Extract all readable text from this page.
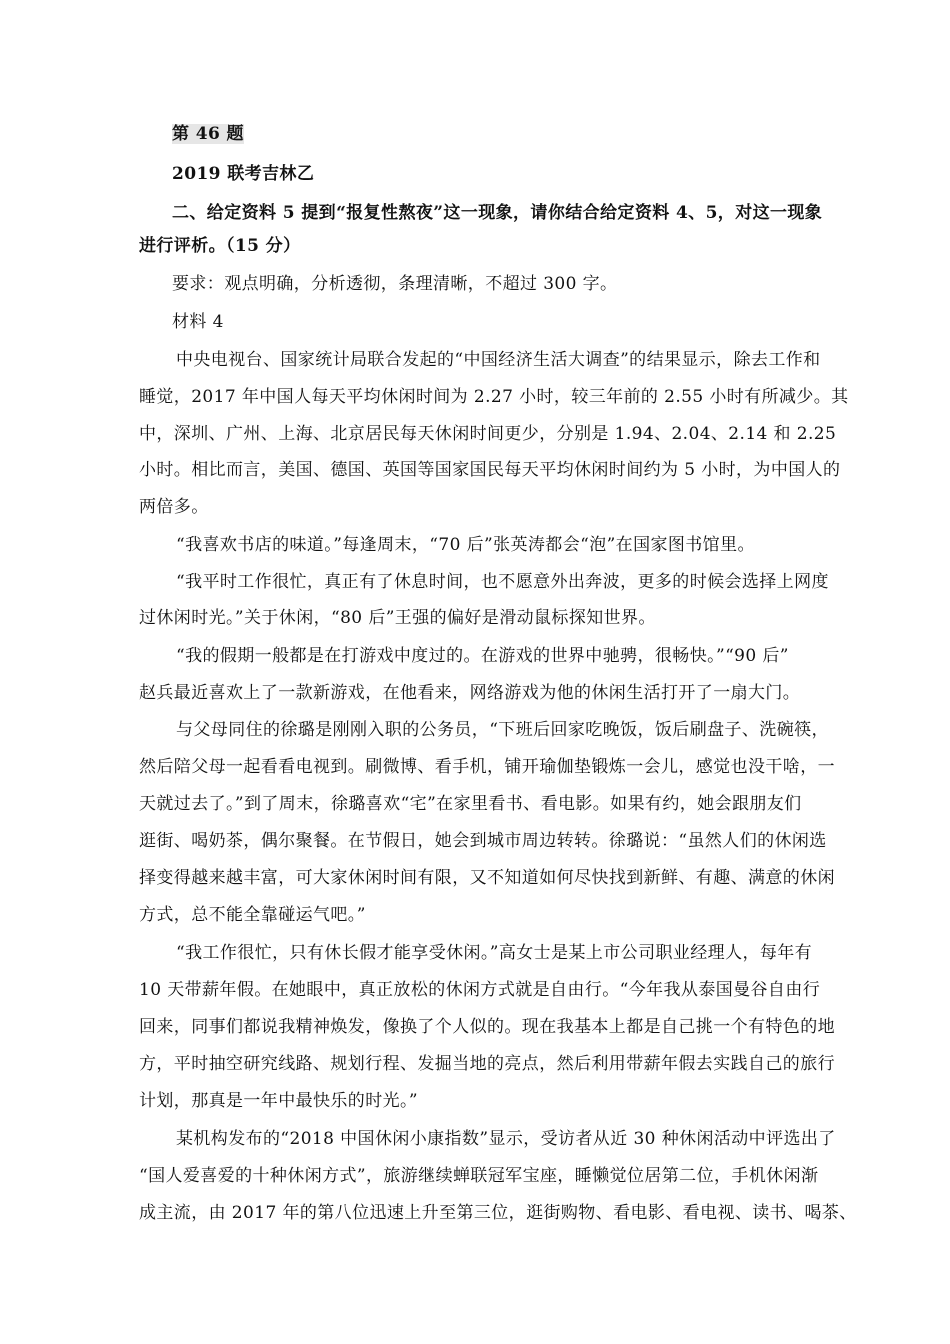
第 46 题
2019 联考吉林乙
二、给定资料 5 提到“报复性熬夜”这一现象，请你结合给定资料 4、5，对这一现象
进行评析。（15 分）
要求：观点明确，分析透彻，条理清晰，不超过 300 字。
材料 4
中央电视台、国家统计局联合发起的“中国经济生活大调查”的结果显示，除去工作和
睡觉，2017 年中国人每天平均休闲时间为 2.27 小时，较三年前的 2.55 小时有所减少。其
中，深圳、广州、上海、北京居民每天休闲时间更少，分别是 1.94、2.04、2.14 和 2.25
小时。相比而言，美国、德国、英国等国家国民每天平均休闲时间约为 5 小时，为中国人的
两倍多。
“我喜欢书店的味道。”每逢周末，“70 后”张英涛都会“泡”在国家图书馆里。
“我平时工作很忙，真正有了休息时间，也不愿意外出奔波，更多的时候会选择上网度
过休闲时光。”关于休闲，“80 后”王强的偏好是滑动鼠标探知世界。
“我的假期一般都是在打游戏中度过的。在游戏的世界中驰骋，很畅快。”“90 后”
赵兵最近喜欢上了一款新游戏，在他看来，网络游戏为他的休闲生活打开了一扇大门。
与父母同住的徐璐是刚刚入职的公务员，“下班后回家吃晚饭，饭后刷盘子、洗碗筷，
然后陪父母一起看看电视到。刷微博、看手机，铺开瑜伽垫锻炼一会儿，感觉也没干啥，一
天就过去了。”到了周末，徐璐喜欢“宅”在家里看书、看电影。如果有约，她会跟朋友们
逛街、喝奶茶，偶尔聚餐。在节假日，她会到城市周边转转。徐璐说：“虽然人们的休闲选
择变得越来越丰富，可大家休闲时间有限，又不知道如何尽快找到新鲜、有趣、满意的休闲
方式，总不能全靠碰运气吧。”
“我工作很忙，只有休长假才能享受休闲。”高女士是某上市公司职业经理人，每年有
10 天带薪年假。在她眼中，真正放松的休闲方式就是自由行。“今年我从泰国曼谷自由行
回来，同事们都说我精神焕发，像换了个人似的。现在我基本上都是自己挑一个有特色的地
方，平时抽空研究线路、规划行程、发掘当地的亮点，然后利用带薪年假去实践自己的旅行
计划，那真是一年中最快乐的时光。”
某机构发布的“2018 中国休闲小康指数”显示，受访者从近 30 种休闲活动中评选出了
“国人爱喜爱的十种休闲方式”，旅游继续蝉联冠军宝座，睡懒觉位居第二位，手机休闲渐
成主流，由 2017 年的第八位迅速上升至第三位，逛街购物、看电影、看电视、读书、喝茶、
